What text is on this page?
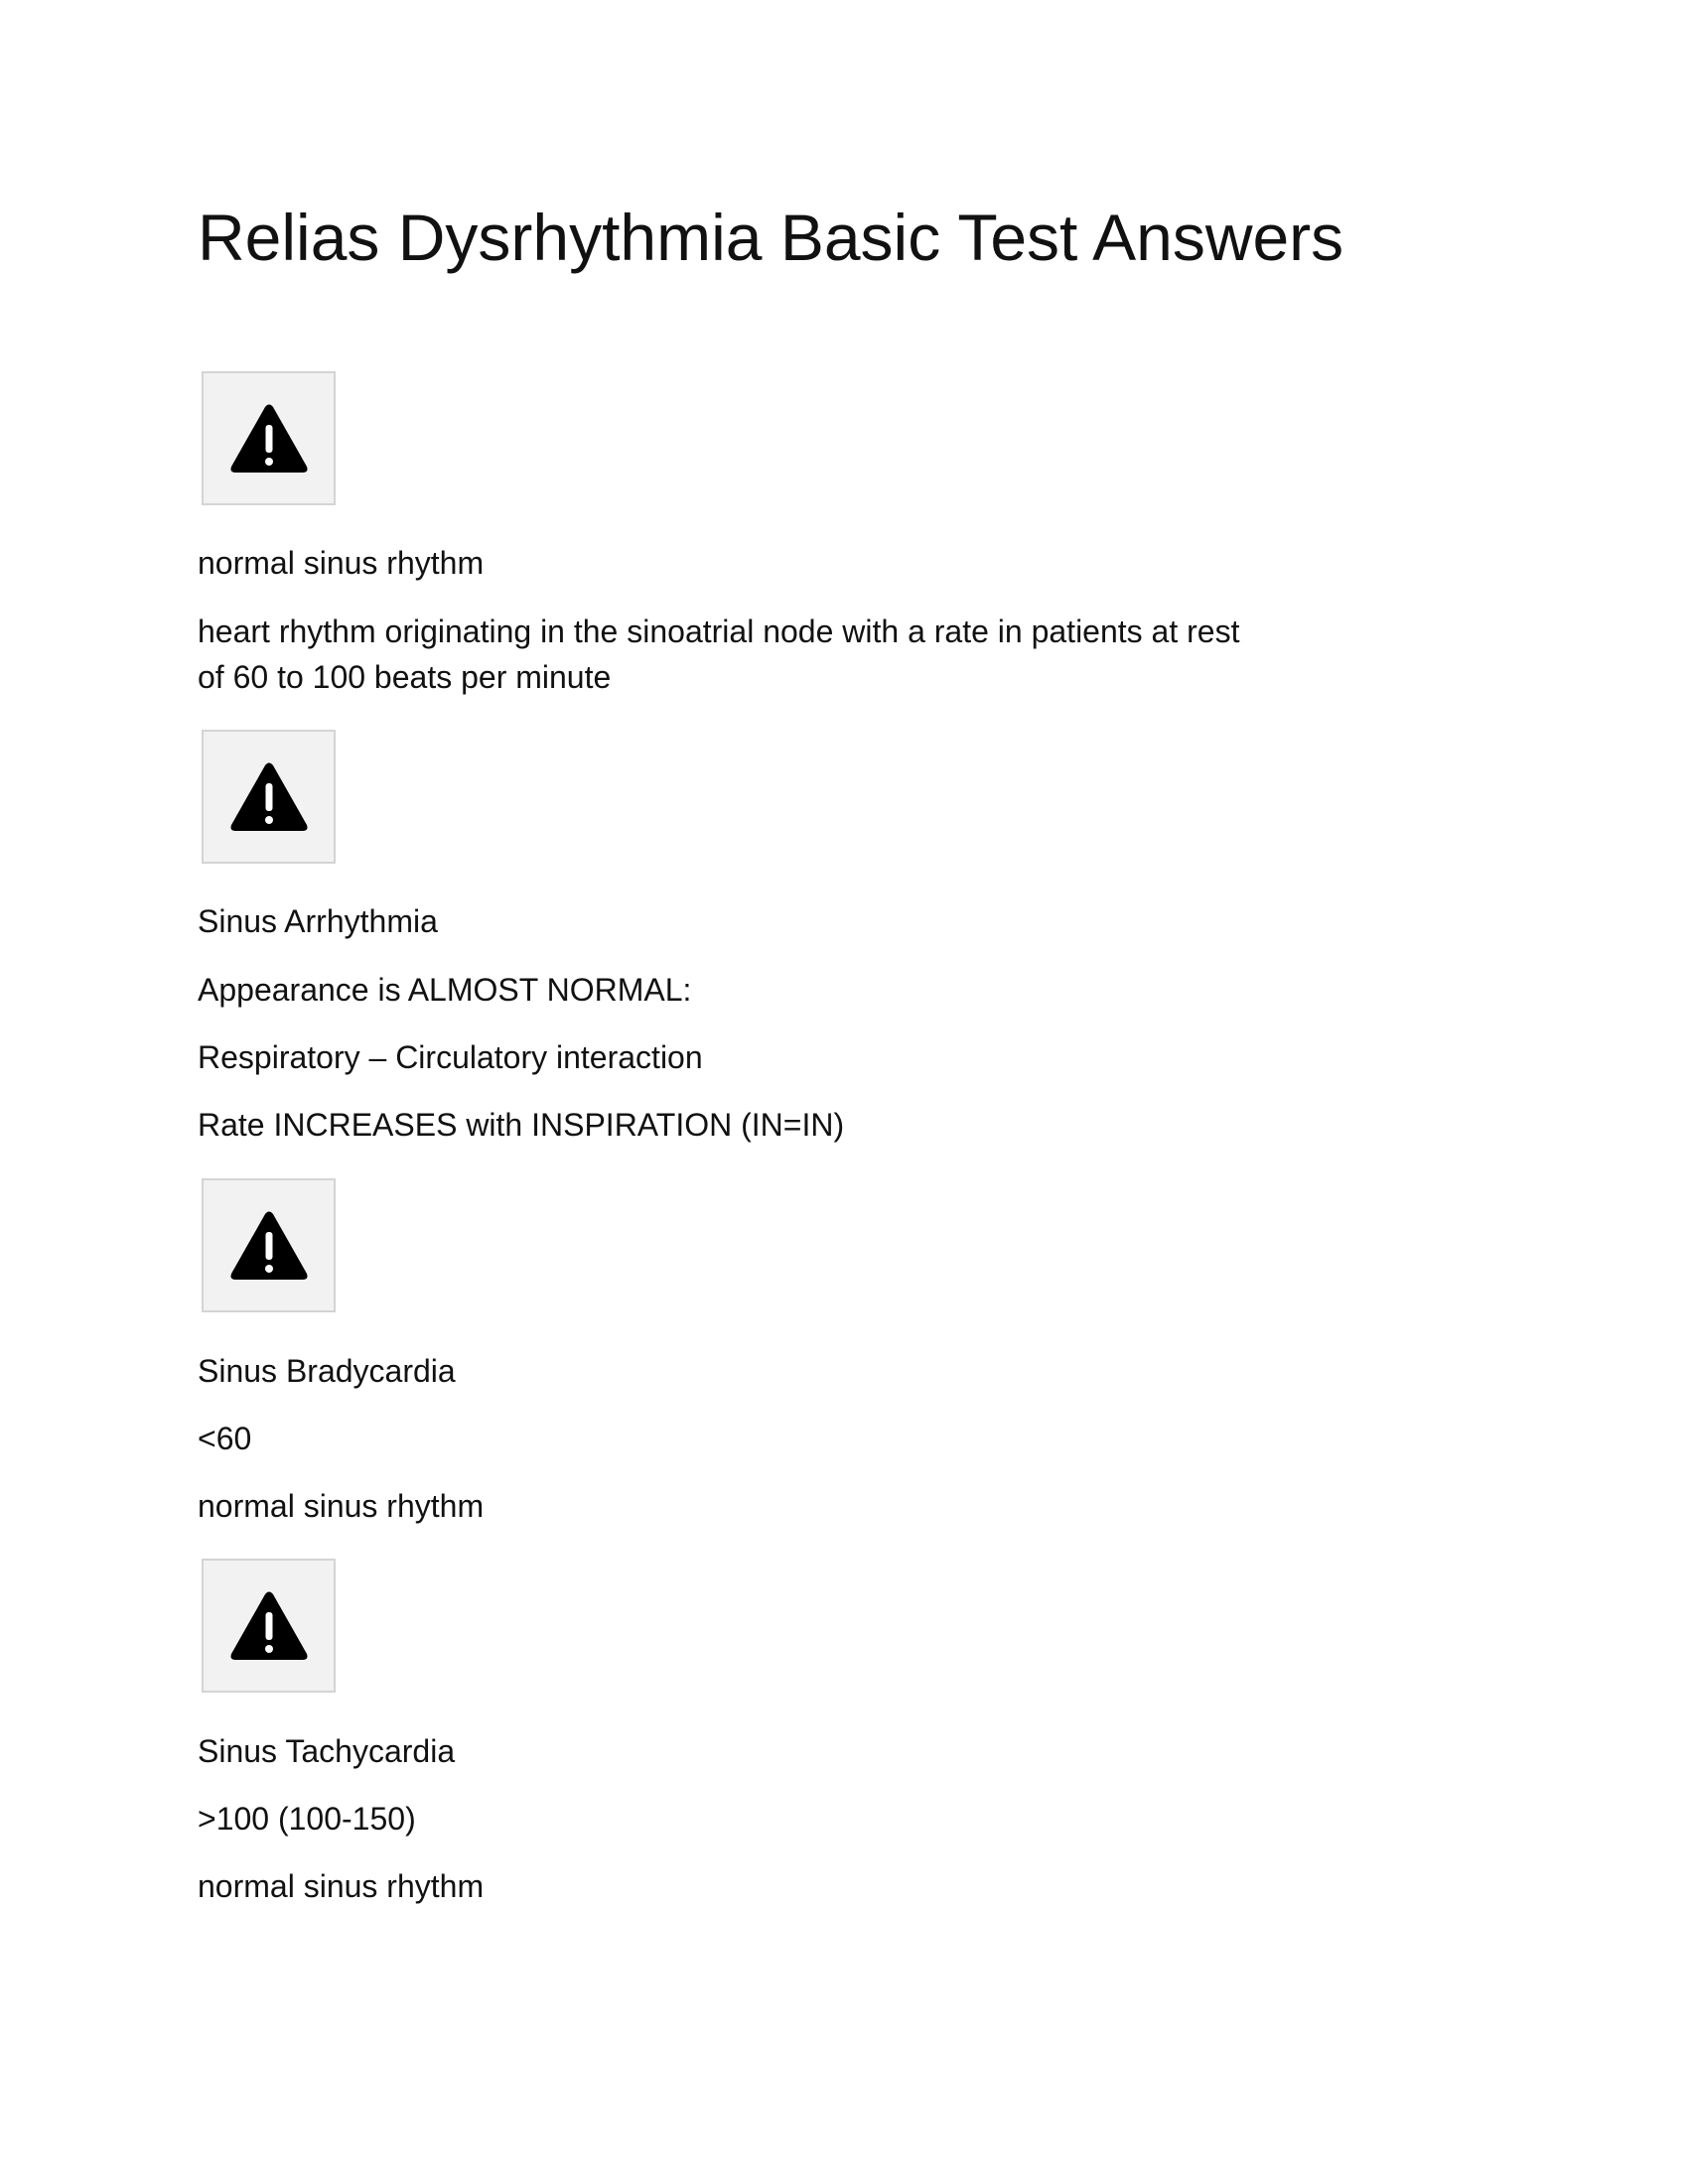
Relias Dysrhythmia Basic Test Answers
normal sinus rhythm
heart rhythm originating in the sinoatrial node with a rate in patients at rest
of 60 to 100 beats per minute
Sinus Arrhythmia
Appearance is ALMOST NORMAL:
Respiratory – Circulatory interaction
Rate INCREASES with INSPIRATION (IN=IN)
Sinus Bradycardia
<60
normal sinus rhythm
Sinus Tachycardia
>100 (100-150)
normal sinus rhythm
